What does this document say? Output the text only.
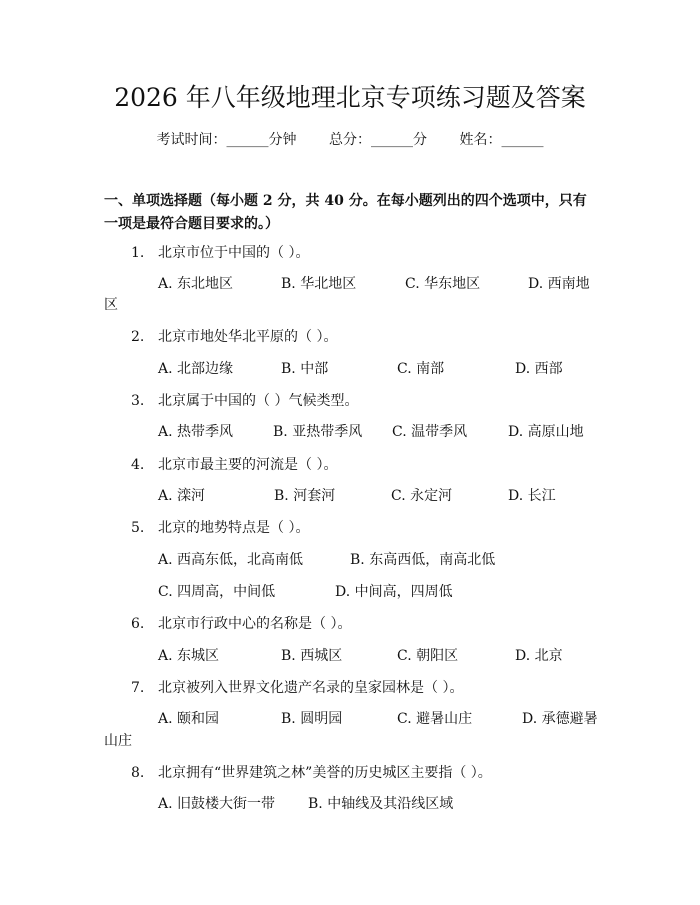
2026 年八年级地理北京专项练习题及答案
考试时间：______分钟 总分：______分 姓名：______
一、单项选择题（每小题 2 分，共 40 分。在每小题列出的四个选项中，只有一项是最符合题目要求的。）
1. 北京市位于中国的（ ）。
A. 东北地区	B. 华北地区	C. 华东地区	D. 西南地
区
2. 北京市地处华北平原的（ ）。
A. 北部边缘	B. 中部	C. 南部	D. 西部
3. 北京属于中国的（ ）气候类型。
A. 热带季风	B. 亚热带季风 C. 温带季风	D. 高原山地
4. 北京市最主要的河流是（ ）。
A. 滦河	B. 河套河	C. 永定河	D. 长江
5. 北京的地势特点是（ ）。
A. 西高东低，北高南低	B. 东高西低，南高北低
C. 四周高，中间低	D. 中间高，四周低
6. 北京市行政中心的名称是（ ）。
A. 东城区	B. 西城区	C. 朝阳区	D. 北京
7. 北京被列入世界文化遗产名录的皇家园林是（ ）。
A. 颐和园	B. 圆明园	C. 避暑山庄	D. 承德避暑
山庄
8. 北京拥有“世界建筑之林”美誉的历史城区主要指（ ）。
A. 旧鼓楼大街一带 B. 中轴线及其沿线区域
